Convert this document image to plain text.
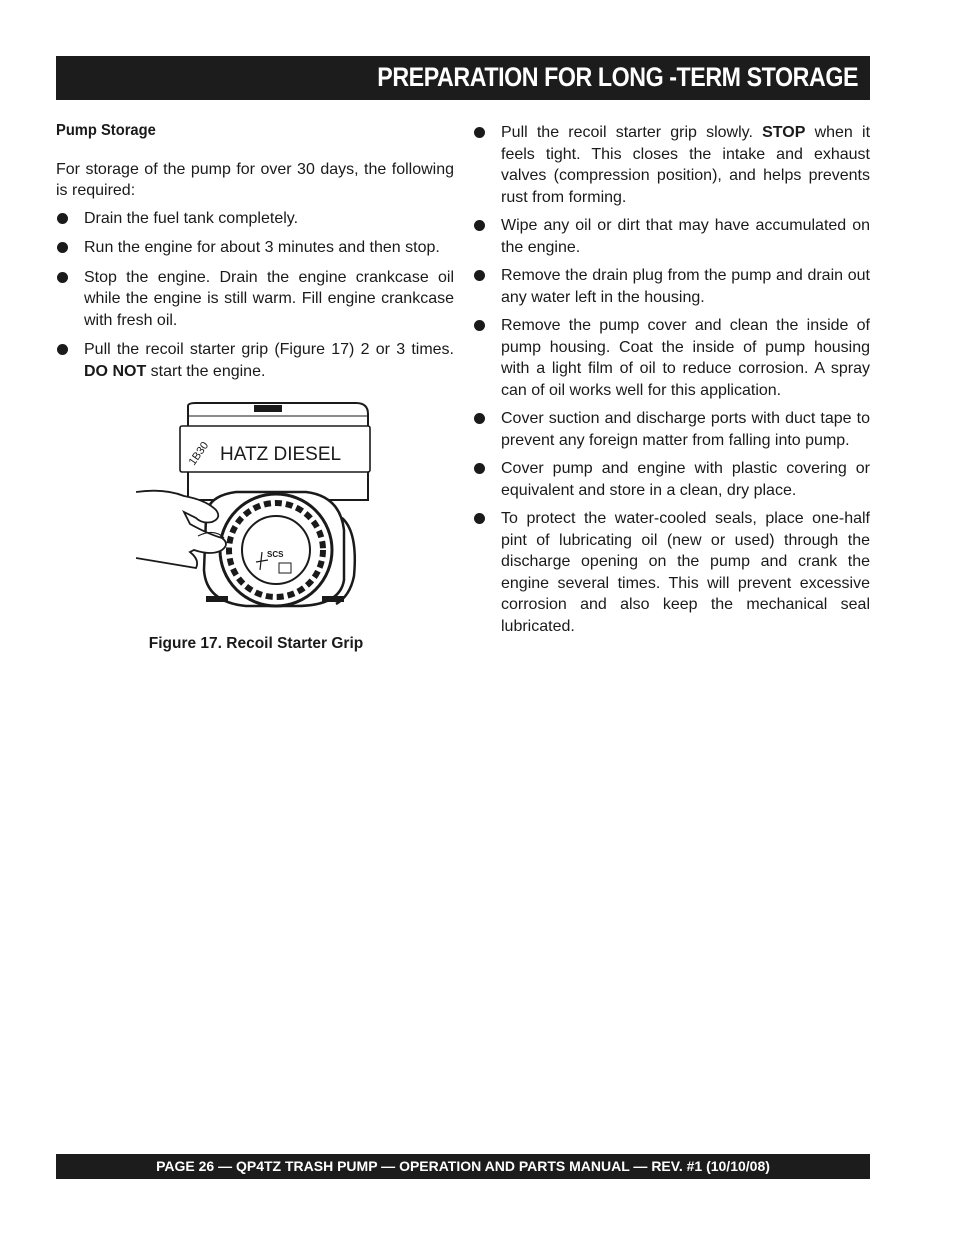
PREPARATION FOR LONG -TERM STORAGE
Pump Storage
For storage of the pump for over 30 days, the following is required:
Drain the fuel tank completely.
Run the engine for about 3 minutes and then stop.
Stop the engine. Drain the engine crankcase oil while the engine is still warm. Fill engine crankcase with fresh oil.
Pull the recoil starter grip (Figure 17) 2 or 3 times. DO NOT start the engine.
HATZ DIESEL
1B30
SCS
Figure 17. Recoil Starter Grip
Pull the recoil starter grip slowly. STOP when it feels tight. This closes the intake and exhaust valves (compression position), and helps prevents rust from forming.
Wipe any oil or dirt that may have accumulated on the engine.
Remove the drain plug from the pump and drain out any water left in the housing.
Remove the pump cover and clean the inside of pump housing. Coat the inside of pump housing with a light film of oil to reduce corrosion. A spray can of oil works well for this application.
Cover suction and discharge ports with duct tape to prevent any foreign matter from falling into pump.
Cover pump and engine with plastic covering or equivalent and store in a clean, dry place.
To protect the water-cooled seals, place one-half pint of lubricating oil (new or used) through the discharge opening on the pump and crank the engine several times. This will prevent excessive corrosion and also keep the mechanical seal lubricated.
PAGE 26 — QP4TZ TRASH PUMP — OPERATION AND PARTS MANUAL — REV. #1 (10/10/08)
